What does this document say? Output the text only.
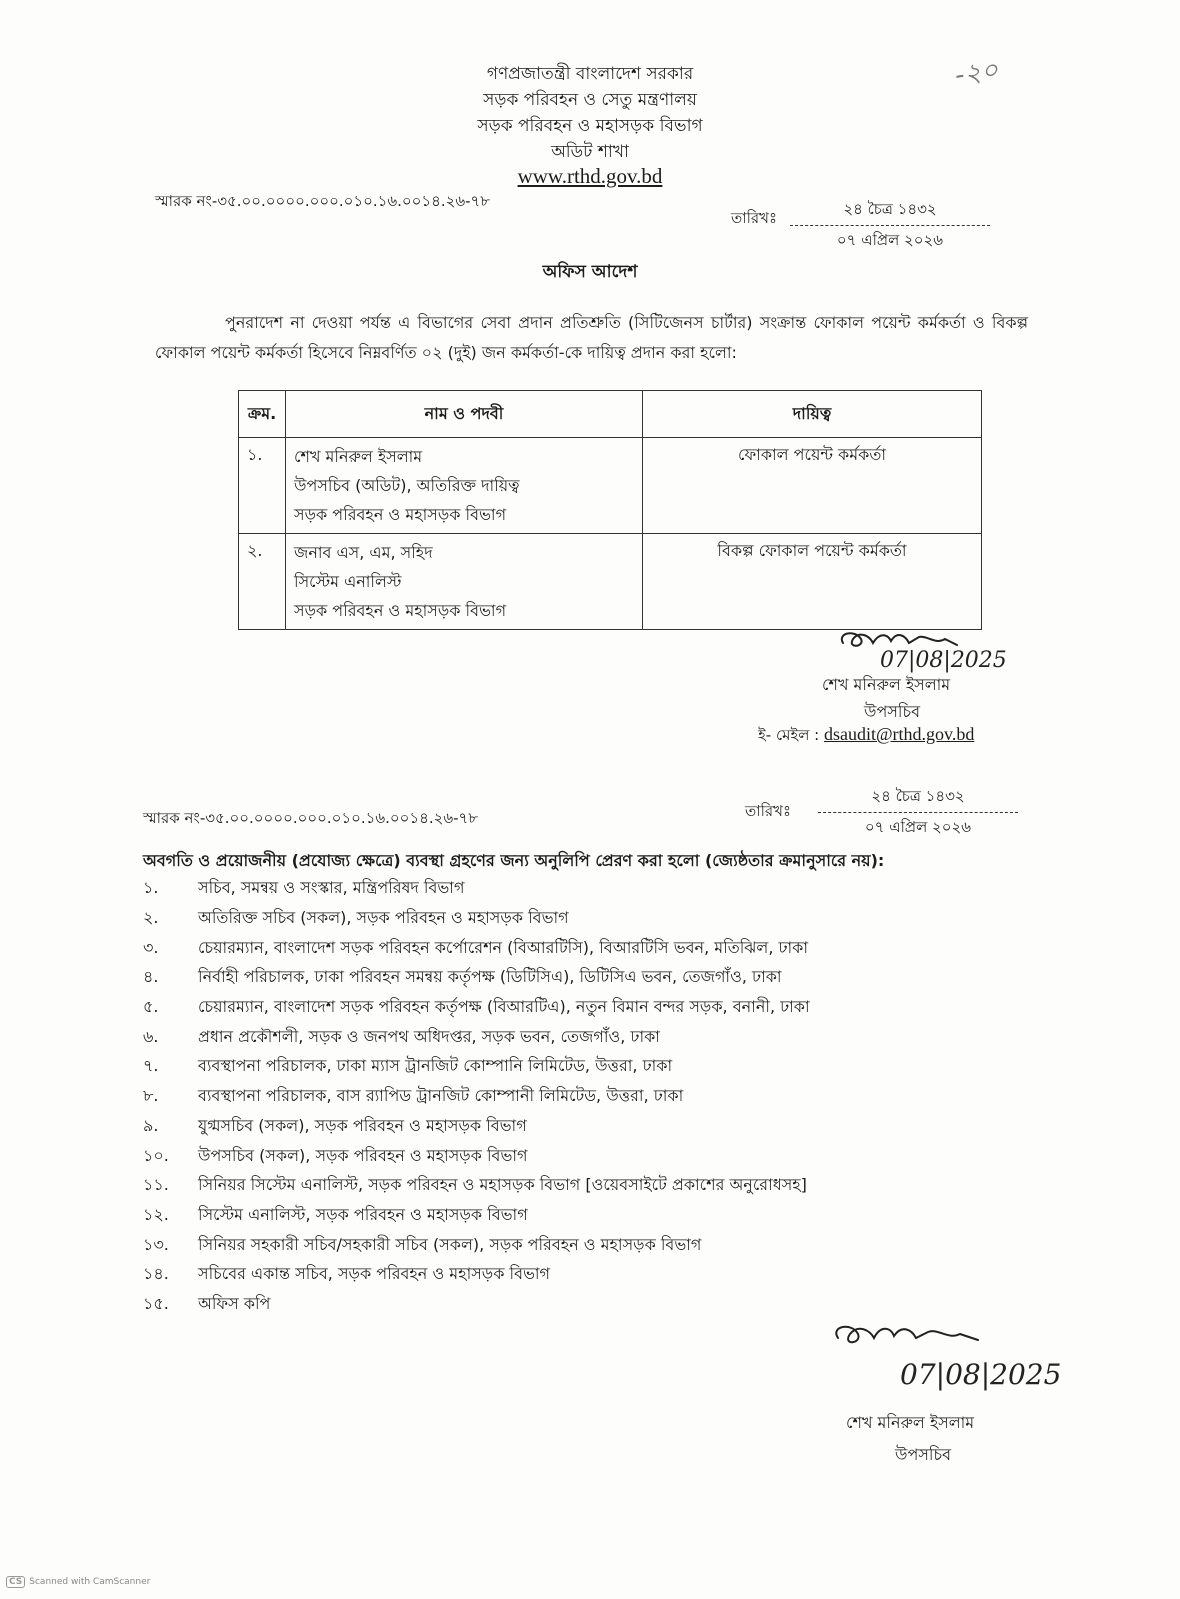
গণপ্রজাতন্ত্রী বাংলাদেশ সরকার
সড়ক পরিবহন ও সেতু মন্ত্রণালয়
সড়ক পরিবহন ও মহাসড়ক বিভাগ
অডিট শাখা
www.rthd.gov.bd
-২০
স্মারক নং-৩৫.০০.০০০০.০০০.০১০.১৬.০০১৪.২৬-৭৮
তারিখঃ	২৪ চৈত্র ১৪৩২
০৭ এপ্রিল ২০২৬
অফিস আদেশ
পুনরাদেশ না দেওয়া পর্যন্ত এ বিভাগের সেবা প্রদান প্রতিশ্রুতি (সিটিজেনস চার্টার) সংক্রান্ত ফোকাল পয়েন্ট কর্মকর্তা ও বিকল্প ফোকাল পয়েন্ট কর্মকর্তা হিসেবে নিম্নবর্ণিত ০২ (দুই) জন কর্মকর্তা-কে দায়িত্ব প্রদান করা হলো:
ক্রম.	নাম ও পদবী	দায়িত্ব
১.	শেখ মনিরুল ইসলাম
উপসচিব (অডিট), অতিরিক্ত দায়িত্ব
সড়ক পরিবহন ও মহাসড়ক বিভাগ	ফোকাল পয়েন্ট কর্মকর্তা
২.	জনাব এস, এম, সহিদ
সিস্টেম এনালিস্ট
সড়ক পরিবহন ও মহাসড়ক বিভাগ	বিকল্প ফোকাল পয়েন্ট কর্মকর্তা
07|08|2025
শেখ মনিরুল ইসলাম
উপসচিব
ই- মেইল : dsaudit@rthd.gov.bd
স্মারক নং-৩৫.০০.০০০০.০০০.০১০.১৬.০০১৪.২৬-৭৮	তারিখঃ
২৪ চৈত্র ১৪৩২
০৭ এপ্রিল ২০২৬
অবগতি ও প্রয়োজনীয় (প্রযোজ্য ক্ষেত্রে) ব্যবস্থা গ্রহণের জন্য অনুলিপি প্রেরণ করা হলো (জ্যেষ্ঠতার ক্রমানুসারে নয়):
১.	সচিব, সমন্বয় ও সংস্কার, মন্ত্রিপরিষদ বিভাগ
২.	অতিরিক্ত সচিব (সকল), সড়ক পরিবহন ও মহাসড়ক বিভাগ
৩.	চেয়ারম্যান, বাংলাদেশ সড়ক পরিবহন কর্পোরেশন (বিআরটিসি), বিআরটিসি ভবন, মতিঝিল, ঢাকা
৪.	নির্বাহী পরিচালক, ঢাকা পরিবহন সমন্বয় কর্তৃপক্ষ (ডিটিসিএ), ডিটিসিএ ভবন, তেজগাঁও, ঢাকা
৫.	চেয়ারম্যান, বাংলাদেশ সড়ক পরিবহন কর্তৃপক্ষ (বিআরটিএ), নতুন বিমান বন্দর সড়ক, বনানী, ঢাকা
৬.	প্রধান প্রকৌশলী, সড়ক ও জনপথ অধিদপ্তর, সড়ক ভবন, তেজগাঁও, ঢাকা
৭.	ব্যবস্থাপনা পরিচালক, ঢাকা ম্যাস ট্রানজিট কোম্পানি লিমিটেড, উত্তরা, ঢাকা
৮.	ব্যবস্থাপনা পরিচালক, বাস র‍্যাপিড ট্রানজিট কোম্পানী লিমিটেড, উত্তরা, ঢাকা
৯.	যুগ্মসচিব (সকল), সড়ক পরিবহন ও মহাসড়ক বিভাগ
১০.	উপসচিব (সকল), সড়ক পরিবহন ও মহাসড়ক বিভাগ
১১.	সিনিয়র সিস্টেম এনালিস্ট, সড়ক পরিবহন ও মহাসড়ক বিভাগ [ওয়েবসাইটে প্রকাশের অনুরোধসহ]
১২.	সিস্টেম এনালিস্ট, সড়ক পরিবহন ও মহাসড়ক বিভাগ
১৩.	সিনিয়র সহকারী সচিব/সহকারী সচিব (সকল), সড়ক পরিবহন ও মহাসড়ক বিভাগ
১৪.	সচিবের একান্ত সচিব, সড়ক পরিবহন ও মহাসড়ক বিভাগ
১৫.	অফিস কপি
07|08|2025
শেখ মনিরুল ইসলাম
উপসচিব
CS Scanned with CamScanner
